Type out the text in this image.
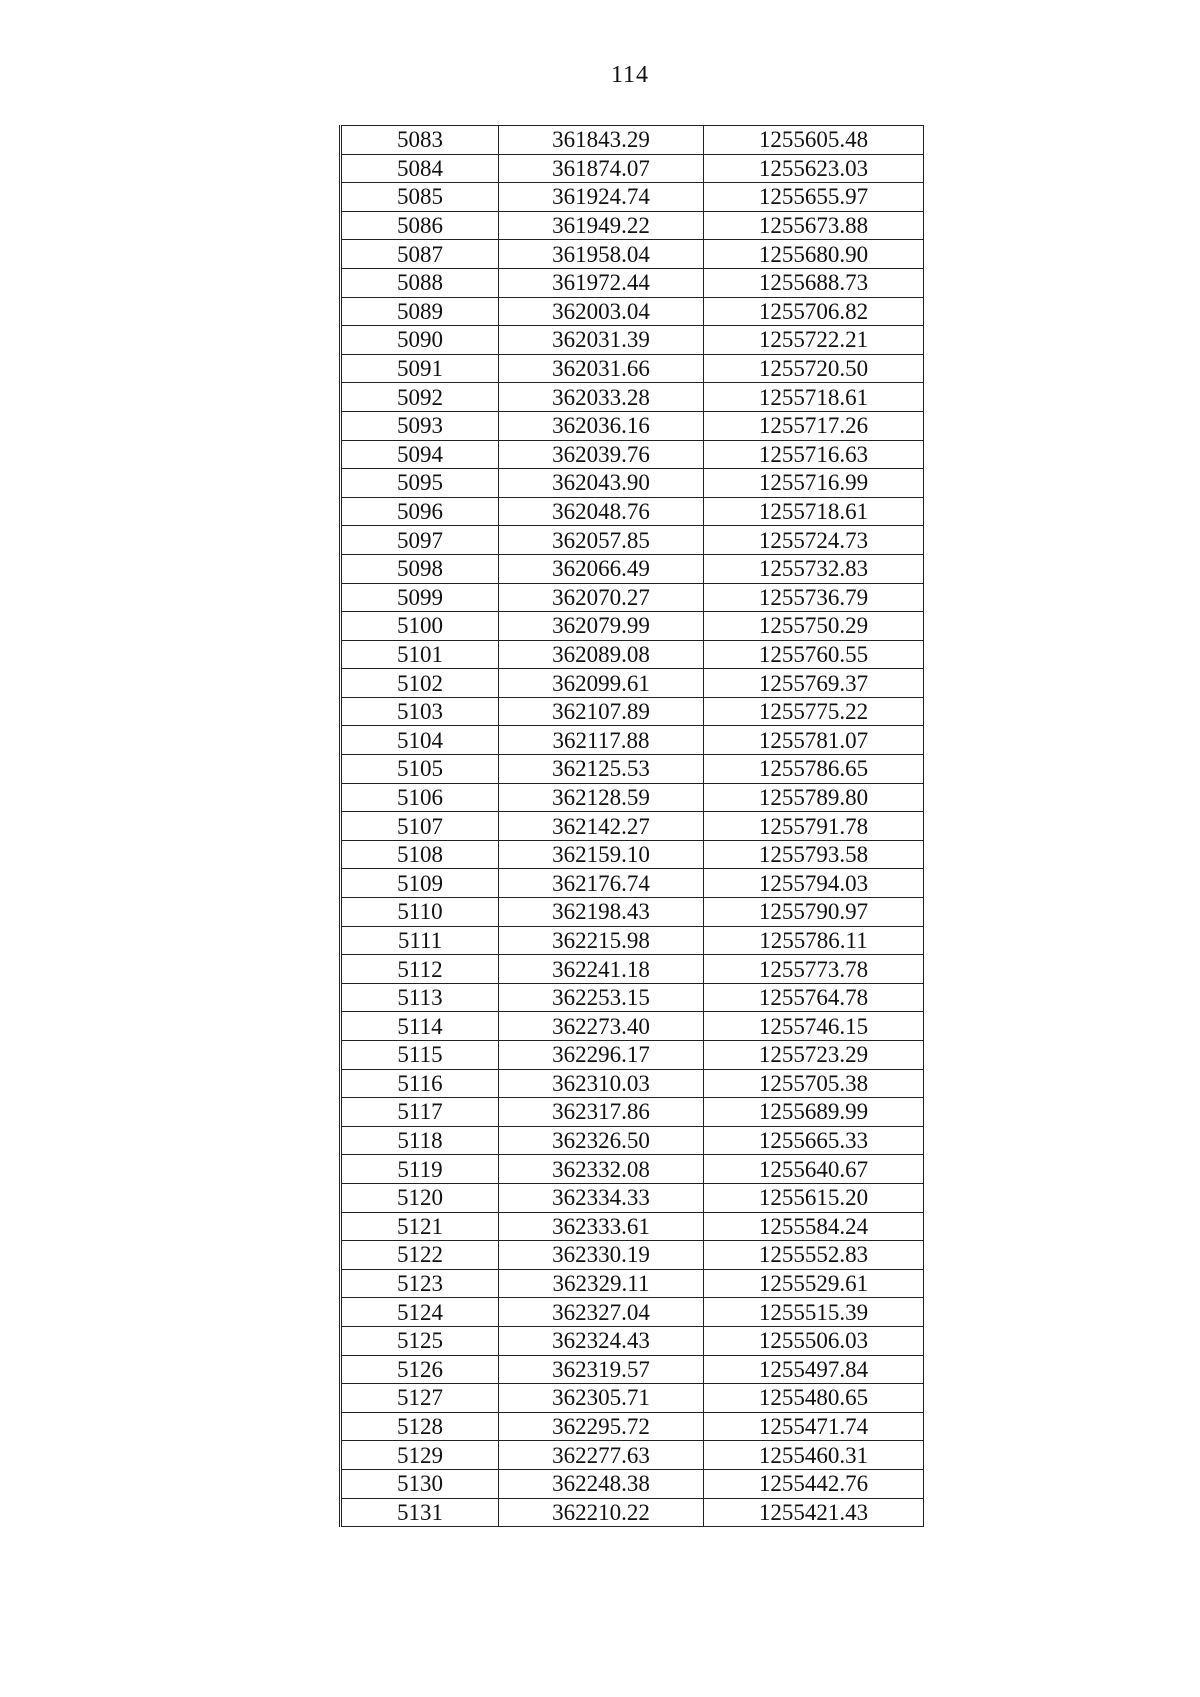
114
5083	361843.29	1255605.48
5084	361874.07	1255623.03
5085	361924.74	1255655.97
5086	361949.22	1255673.88
5087	361958.04	1255680.90
5088	361972.44	1255688.73
5089	362003.04	1255706.82
5090	362031.39	1255722.21
5091	362031.66	1255720.50
5092	362033.28	1255718.61
5093	362036.16	1255717.26
5094	362039.76	1255716.63
5095	362043.90	1255716.99
5096	362048.76	1255718.61
5097	362057.85	1255724.73
5098	362066.49	1255732.83
5099	362070.27	1255736.79
5100	362079.99	1255750.29
5101	362089.08	1255760.55
5102	362099.61	1255769.37
5103	362107.89	1255775.22
5104	362117.88	1255781.07
5105	362125.53	1255786.65
5106	362128.59	1255789.80
5107	362142.27	1255791.78
5108	362159.10	1255793.58
5109	362176.74	1255794.03
5110	362198.43	1255790.97
5111	362215.98	1255786.11
5112	362241.18	1255773.78
5113	362253.15	1255764.78
5114	362273.40	1255746.15
5115	362296.17	1255723.29
5116	362310.03	1255705.38
5117	362317.86	1255689.99
5118	362326.50	1255665.33
5119	362332.08	1255640.67
5120	362334.33	1255615.20
5121	362333.61	1255584.24
5122	362330.19	1255552.83
5123	362329.11	1255529.61
5124	362327.04	1255515.39
5125	362324.43	1255506.03
5126	362319.57	1255497.84
5127	362305.71	1255480.65
5128	362295.72	1255471.74
5129	362277.63	1255460.31
5130	362248.38	1255442.76
5131	362210.22	1255421.43
